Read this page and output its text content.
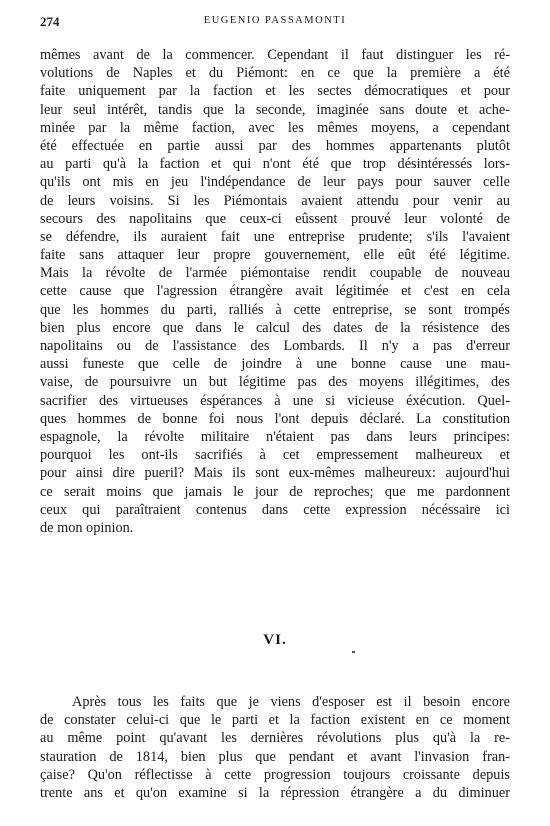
274	EUGENIO PASSAMONTI
mêmes avant de la commencer. Cependant il faut distinguer les ré-
volutions de Naples et du Piémont: en ce que la première a été
faite uniquement par la faction et les sectes démocratiques et pour
leur seul intérêt, tandis que la seconde, imaginée sans doute et ache-
minée par la même faction, avec les mêmes moyens, a cependant
été effectuée en partie aussi par des hommes appartenants plutôt
au parti qu'à la faction et qui n'ont été que trop désintéressés lors-
qu'ils ont mis en jeu l'indépendance de leur pays pour sauver celle
de leurs voisins. Si les Piémontais avaient attendu pour venir au
secours des napolitains que ceux-ci eûssent prouvé leur volonté de
se défendre, ils auraient fait une entreprise prudente; s'ils l'avaient
faite sans attaquer leur propre gouvernement, elle eût été légitime.
Mais la révolte de l'armée piémontaise rendit coupable de nouveau
cette cause que l'agression étrangère avait légitimée et c'est en cela
que les hommes du parti, ralliés à cette entreprise, se sont trompés
bien plus encore que dans le calcul des dates de la résistence des
napolitains ou de l'assistance des Lombards. Il n'y a pas d'erreur
aussi funeste que celle de joindre à une bonne cause une mau-
vaise, de poursuivre un but légitime pas des moyens illégitimes, des
sacrifier des virtueuses éspérances à une si vicieuse éxécution. Quel-
ques hommes de bonne foi nous l'ont depuis déclaré. La constitution
espagnole, la révolte militaire n'étaient pas dans leurs principes:
pourquoi les ont-ils sacrifiés à cet empressement malheureux et
pour ainsi dire pueril? Mais ils sont eux-mêmes malheureux: aujourd'hui
ce serait moins que jamais le jour de reproches; que me pardonnent
ceux qui paraîtraient contenus dans cette expression nécéssaire ici
de mon opinion.
VI.
Après tous les faits que je viens d'esposer est il besoin encore
de constater celui-ci que le parti et la faction existent en ce moment
au même point qu'avant les dernières révolutions plus qu'à la re-
stauration de 1814, bien plus que pendant et avant l'invasion fran-
çaise? Qu'on réflectisse à cette progression toujours croissante depuis
trente ans et qu'on examine si la répression étrangère a du diminuer
